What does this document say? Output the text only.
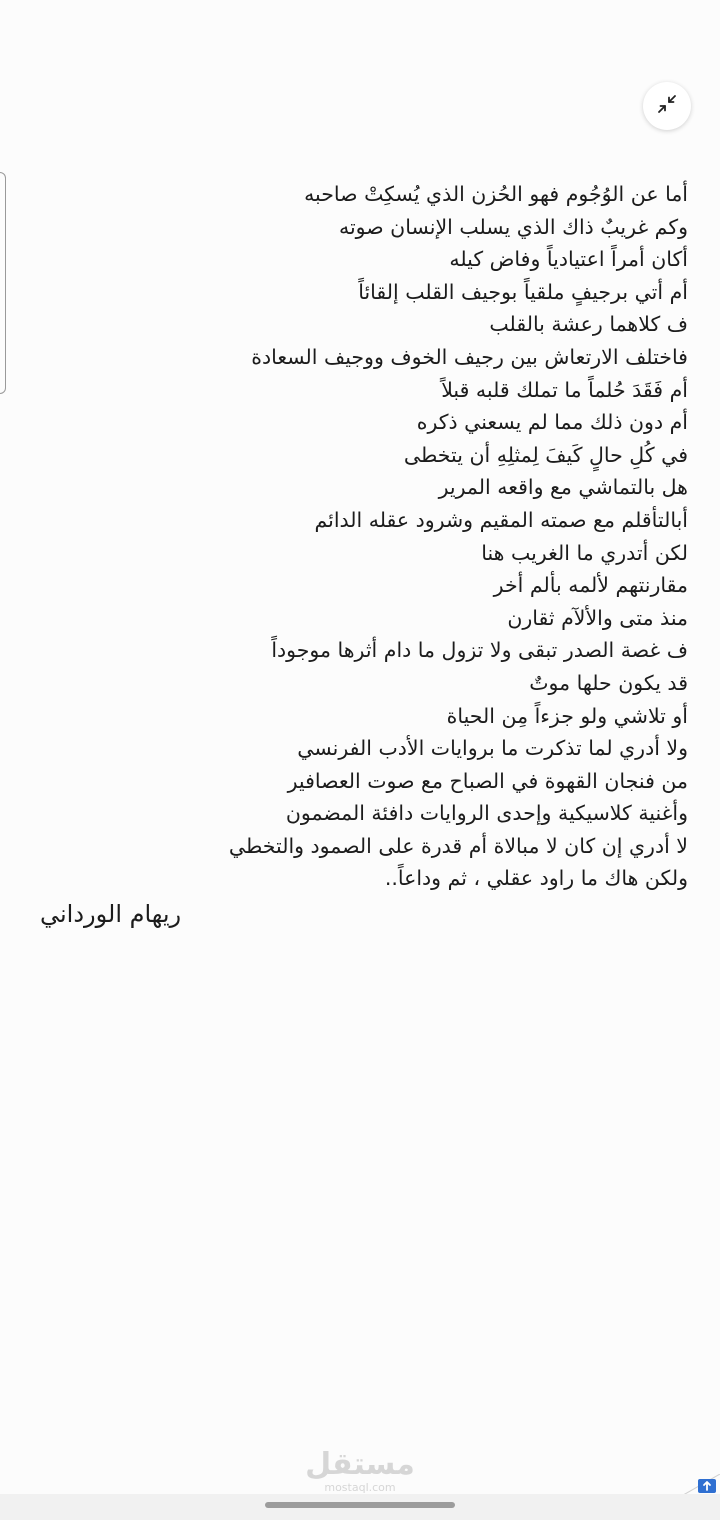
أما عن الوُجُوم فهو الحُزن الذي يُسكِتْ صاحبه
وكم غريبٌ ذاك الذي يسلب الإنسان صوته
أكان أمراً اعتيادياً وفاض كيله
أم أتي برجيفٍ ملقياً بوجيف القلب إلقائاً
ف كلاهما رعشة بالقلب
فاختلف الارتعاش بين رجيف الخوف ووجيف السعادة
أم فَقَدَ حُلماً ما تملك قلبه قبلاً
أم دون ذلك مما لم يسعني ذكره
في كُلِ حالٍ كَيفَ لِمثلِهِ أن يتخطى
هل بالتماشي مع واقعه المرير
أبالتأقلم مع صمته المقيم وشرود عقله الدائم
لكن أتدري ما الغريب هنا
مقارنتهم لألمه بألم أخر
منذ متى والألآم ثقارن
ف غصة الصدر تبقى ولا تزول ما دام أثرها موجوداً
قد يكون حلها موتٌ
أو تلاشي ولو جزءاً مِن الحياة
ولا أدري لما تذكرت ما بروايات الأدب الفرنسي
من فنجان القهوة في الصباح مع صوت العصافير
وأغنية كلاسيكية وإحدى الروايات دافئة المضمون
لا أدري إن كان لا مبالاة أم قدرة على الصمود والتخطي
ولكن هاك ما راود عقلي ، ثم وداعاً..
ريهام الورداني
مستقل
mostaql.com
